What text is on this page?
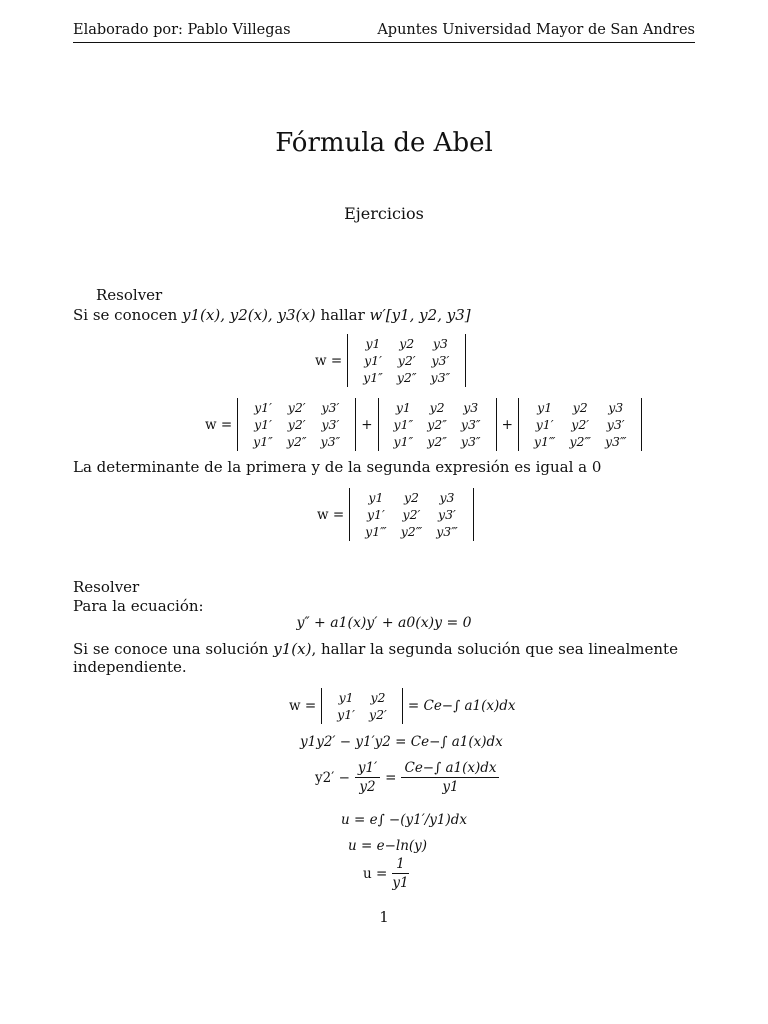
Elaborado por: Pablo Villegas	Apuntes Universidad Mayor de San Andres
Fórmula de Abel
Ejercicios
Resolver
Si se conocen y1(x), y2(x), y3(x) hallar w′[y1, y2, y3]
w =
y1	y2	y3
y1′	y2′	y3′
y1″	y2″	y3″
w =
y1′	y2′	y3′
y1′	y2′	y3′
y1″	y2″	y3″
+
y1	y2	y3
y1″	y2″	y3″
y1″	y2″	y3″
+
y1	y2	y3
y1′	y2′	y3′
y1‴	y2‴	y3‴
La determinante de la primera y de la segunda expresión es igual a 0
w =
y1	y2	y3
y1′	y2′	y3′
y1‴	y2‴	y3‴
Resolver
Para la ecuación:
y″ + a1(x)y′ + a0(x)y = 0
Si se conoce una solución y1(x), hallar la segunda solución que sea linealmente independiente.
w =
y1	y2
y1′	y2′
= Ce−∫ a1(x)dx
y1y2′ − y1′y2 = Ce−∫ a1(x)dx
$y2' - \frac{y1'}{y2} = \frac{Ce-\int a1(x)dx}{y1}$
u = e∫ −(y1′/y1)dx
u = e−ln(y)
$u = \frac{1}{y1}$
1
